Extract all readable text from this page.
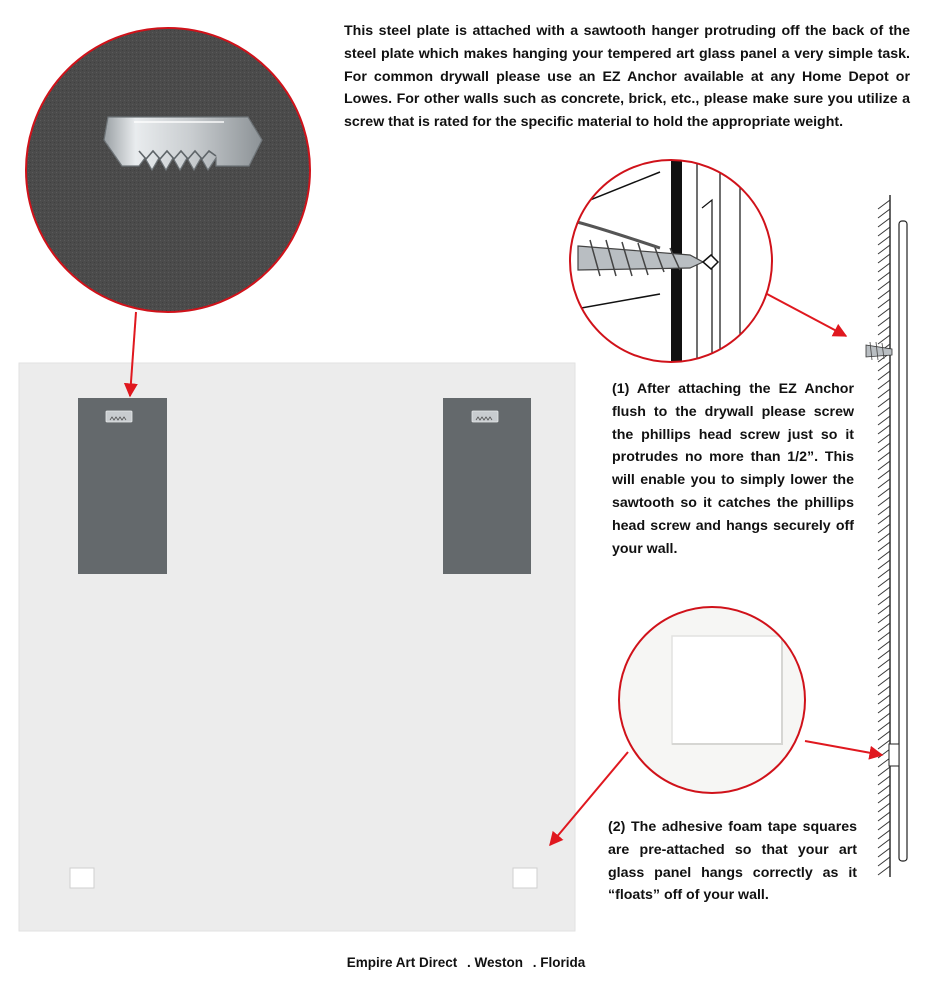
This steel plate is attached with a sawtooth hanger protruding off the back of the steel plate which makes hanging your tempered art glass panel a very simple task. For common drywall please use an EZ Anchor available at any Home Depot or Lowes. For other walls such as concrete, brick, etc., please make sure you utilize a screw that is rated for the specific material to hold the appropriate weight.
(1) After attaching the EZ Anchor flush to the drywall please screw the phillips head screw just so it protrudes no more than 1/2”. This will enable you to simply lower the sawtooth so it catches the phillips head screw and hangs securely off your wall.
(2) The adhesive foam tape squares are pre-attached so that your art glass panel hangs correctly as it “floats” off of your wall.
Empire Art Direct . Weston . Florida
